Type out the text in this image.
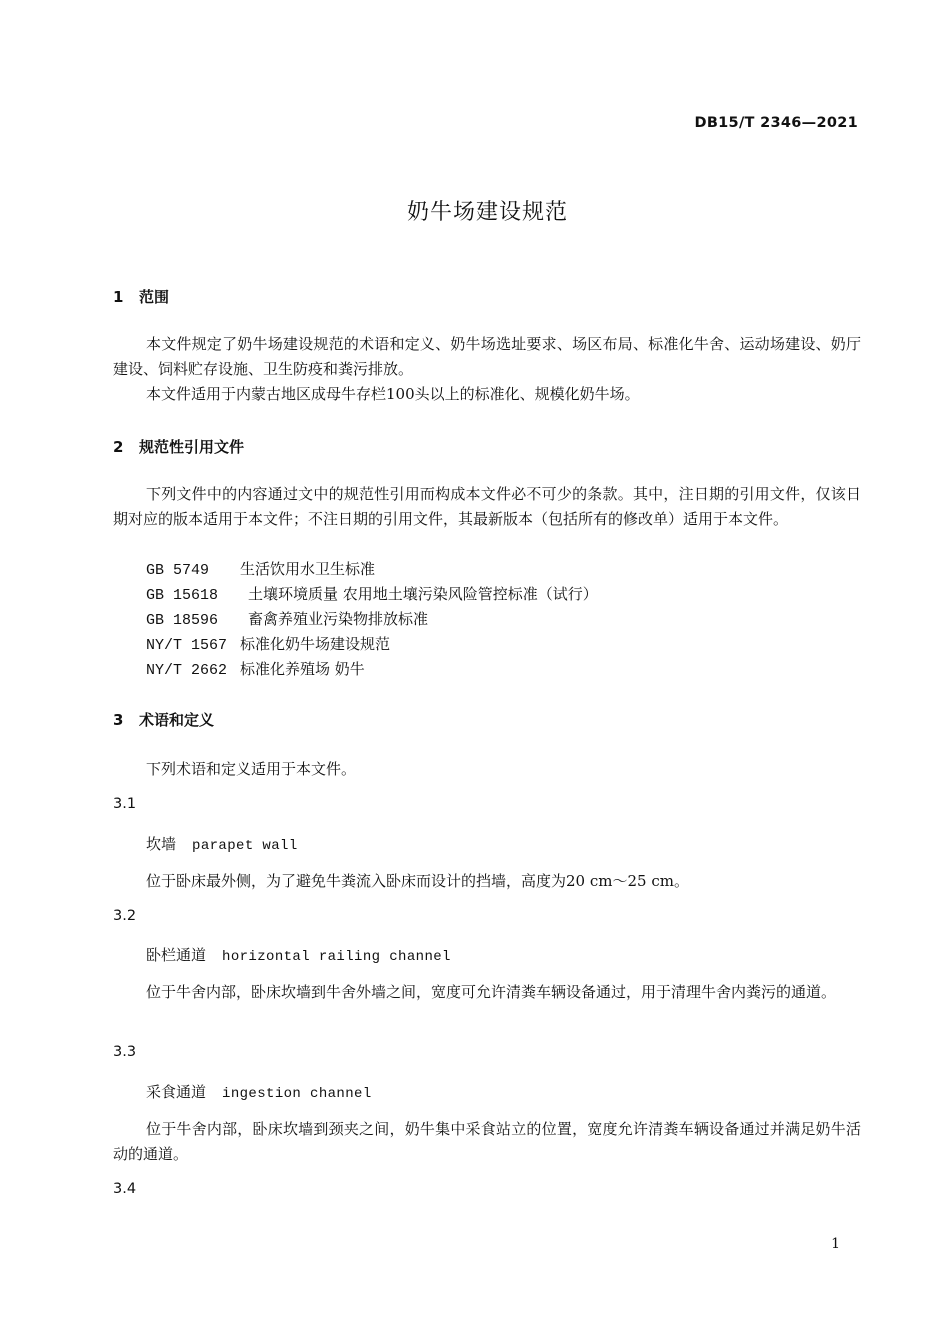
DB15/T 2346—2021
奶牛场建设规范
1 范围

本文件规定了奶牛场建设规范的术语和定义、奶牛场选址要求、场区布局、标准化牛舍、运动场建设、奶厅建设、饲料贮存设施、卫生防疫和粪污排放。

本文件适用于内蒙古地区成母牛存栏100头以上的标准化、规模化奶牛场。

2 规范性引用文件

下列文件中的内容通过文中的规范性引用而构成本文件必不可少的条款。其中，注日期的引用文件，仅该日期对应的版本适用于本文件；不注日期的引用文件，其最新版本（包括所有的修改单）适用于本文件。

GB 5749 生活饮用水卫生标准
GB 15618 土壤环境质量 农用地土壤污染风险管控标准（试行）
GB 18596 畜禽养殖业污染物排放标准
NY/T 1567 标准化奶牛场建设规范
NY/T 2662 标准化养殖场 奶牛
3 术语和定义

下列术语和定义适用于本文件。

3.1
坎墙 parapet wall

位于卧床最外侧，为了避免牛粪流入卧床而设计的挡墙，高度为20 cm～25 cm。

3.2
卧栏通道 horizontal railing channel

位于牛舍内部，卧床坎墙到牛舍外墙之间，宽度可允许清粪车辆设备通过，用于清理牛舍内粪污的通道。

3.3
采食通道 ingestion channel

位于牛舍内部，卧床坎墙到颈夹之间，奶牛集中采食站立的位置，宽度允许清粪车辆设备通过并满足奶牛活动的通道。

3.4
1
